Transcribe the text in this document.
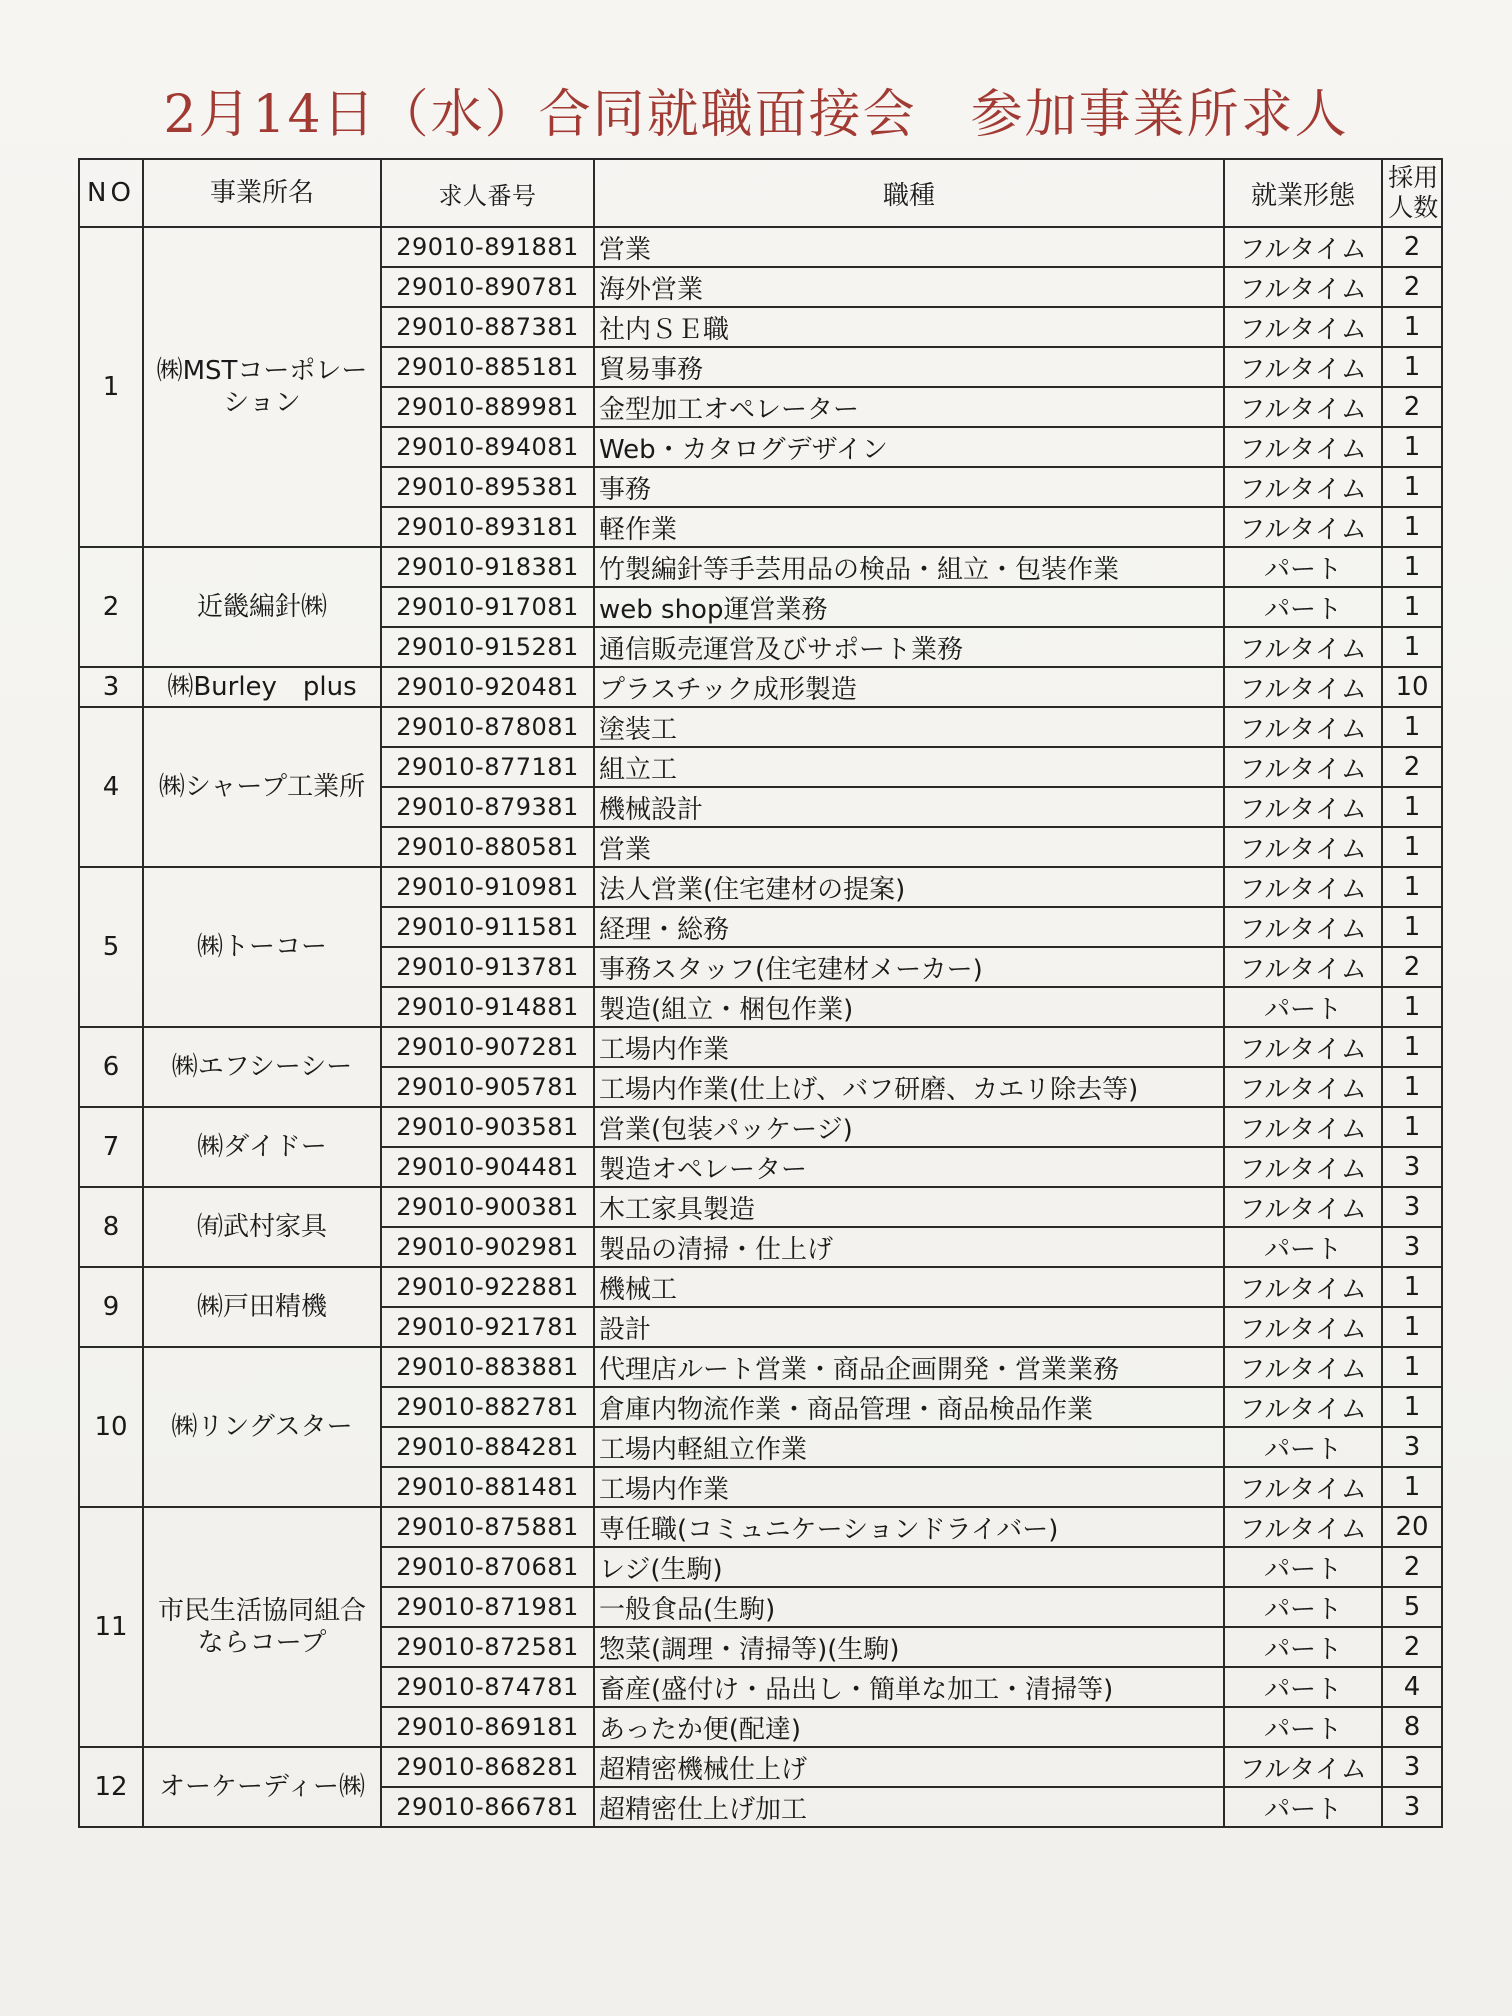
2月14日（水）合同就職面接会　参加事業所求人
NO	事業所名	求人番号	職種	就業形態	採用人数
1	㈱MSTコーポレーション	29010-891881	営業	フルタイム	2
		29010-890781	海外営業	フルタイム	2
		29010-887381	社内ＳＥ職	フルタイム	1
		29010-885181	貿易事務	フルタイム	1
		29010-889981	金型加工オペレーター	フルタイム	2
		29010-894081	Web・カタログデザイン	フルタイム	1
		29010-895381	事務	フルタイム	1
		29010-893181	軽作業	フルタイム	1
2	近畿編針㈱	29010-918381	竹製編針等手芸用品の検品・組立・包装作業	パート	1
		29010-917081	web shop運営業務	パート	1
		29010-915281	通信販売運営及びサポート業務	フルタイム	1
3	㈱Burley　plus	29010-920481	プラスチック成形製造	フルタイム	10
4	㈱シャープ工業所	29010-878081	塗装工	フルタイム	1
		29010-877181	組立工	フルタイム	2
		29010-879381	機械設計	フルタイム	1
		29010-880581	営業	フルタイム	1
5	㈱トーコー	29010-910981	法人営業(住宅建材の提案)	フルタイム	1
		29010-911581	経理・総務	フルタイム	1
		29010-913781	事務スタッフ(住宅建材メーカー)	フルタイム	2
		29010-914881	製造(組立・梱包作業)	パート	1
6	㈱エフシーシー	29010-907281	工場内作業	フルタイム	1
		29010-905781	工場内作業(仕上げ、バフ研磨、カエリ除去等)	フルタイム	1
7	㈱ダイドー	29010-903581	営業(包装パッケージ)	フルタイム	1
		29010-904481	製造オペレーター	フルタイム	3
8	㈲武村家具	29010-900381	木工家具製造	フルタイム	3
		29010-902981	製品の清掃・仕上げ	パート	3
9	㈱戸田精機	29010-922881	機械工	フルタイム	1
		29010-921781	設計	フルタイム	1
10	㈱リングスター	29010-883881	代理店ルート営業・商品企画開発・営業業務	フルタイム	1
		29010-882781	倉庫内物流作業・商品管理・商品検品作業	フルタイム	1
		29010-884281	工場内軽組立作業	パート	3
		29010-881481	工場内作業	フルタイム	1
11	市民生活協同組合 ならコープ	29010-875881	専任職(コミュニケーションドライバー)	フルタイム	20
		29010-870681	レジ(生駒)	パート	2
		29010-871981	一般食品(生駒)	パート	5
		29010-872581	惣菜(調理・清掃等)(生駒)	パート	2
		29010-874781	畜産(盛付け・品出し・簡単な加工・清掃等)	パート	4
		29010-869181	あったか便(配達)	パート	8
12	オーケーディー㈱	29010-868281	超精密機械仕上げ	フルタイム	3
		29010-866781	超精密仕上げ加工	パート	3
